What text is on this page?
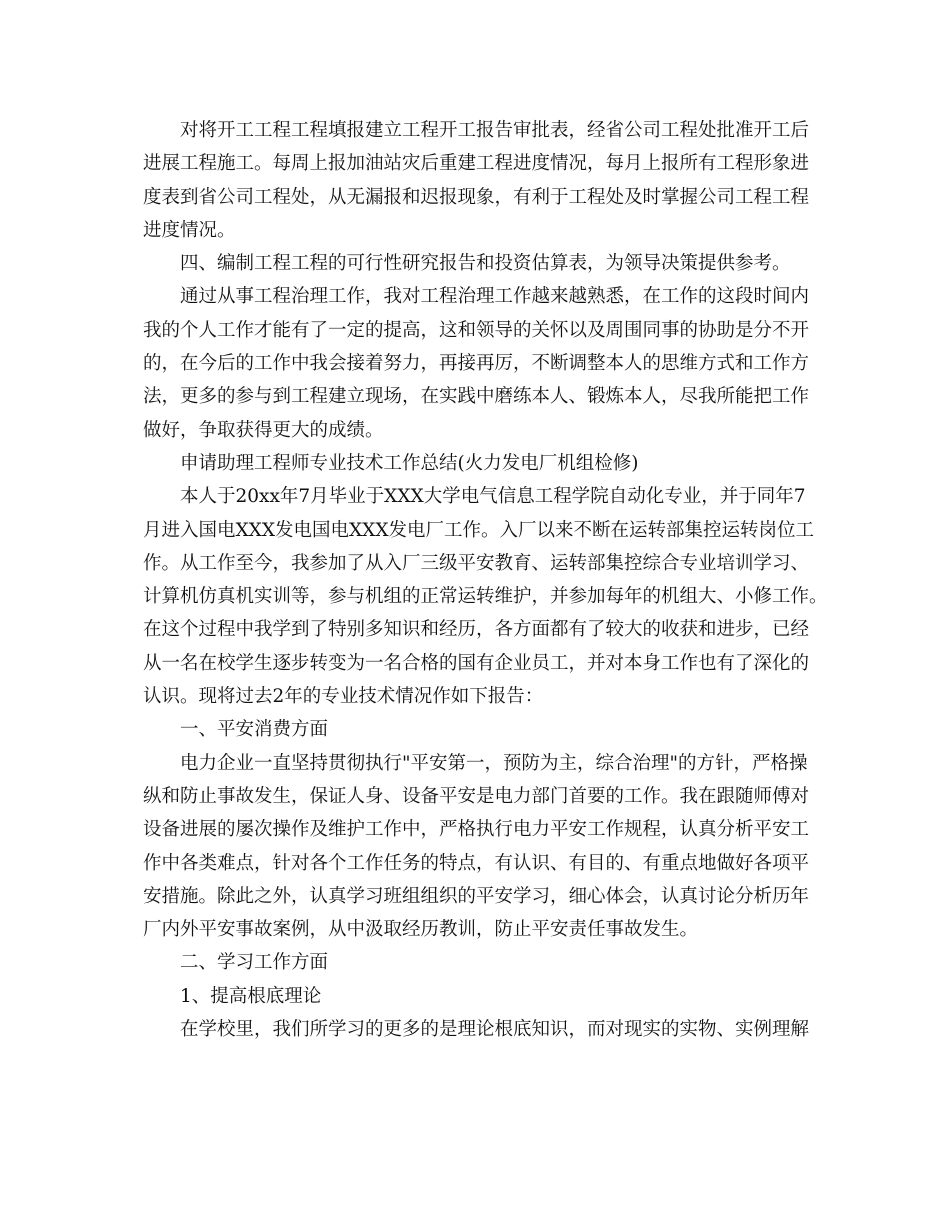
对将开工工程工程填报建立工程开工报告审批表，经省公司工程处批准开工后
进展工程施工。每周上报加油站灾后重建工程进度情况，每月上报所有工程形象进
度表到省公司工程处，从无漏报和迟报现象，有利于工程处及时掌握公司工程工程
进度情况。
四、编制工程工程的可行性研究报告和投资估算表，为领导决策提供参考。
通过从事工程治理工作，我对工程治理工作越来越熟悉，在工作的这段时间内
我的个人工作才能有了一定的提高，这和领导的关怀以及周围同事的协助是分不开
的，在今后的工作中我会接着努力，再接再厉，不断调整本人的思维方式和工作方
法，更多的参与到工程建立现场，在实践中磨练本人、锻炼本人，尽我所能把工作
做好，争取获得更大的成绩。
申请助理工程师专业技术工作总结(火力发电厂机组检修)
本人于20xx年7月毕业于XXX大学电气信息工程学院自动化专业，并于同年7
月进入国电XXX发电国电XXX发电厂工作。入厂以来不断在运转部集控运转岗位工
作。从工作至今，我参加了从入厂三级平安教育、运转部集控综合专业培训学习、
计算机仿真机实训等，参与机组的正常运转维护，并参加每年的机组大、小修工作。
在这个过程中我学到了特别多知识和经历，各方面都有了较大的收获和进步，已经
从一名在校学生逐步转变为一名合格的国有企业员工，并对本身工作也有了深化的
认识。现将过去2年的专业技术情况作如下报告：
一、平安消费方面
电力企业一直坚持贯彻执行"平安第一，预防为主，综合治理"的方针，严格操
纵和防止事故发生，保证人身、设备平安是电力部门首要的工作。我在跟随师傅对
设备进展的屡次操作及维护工作中，严格执行电力平安工作规程，认真分析平安工
作中各类难点，针对各个工作任务的特点，有认识、有目的、有重点地做好各项平
安措施。除此之外，认真学习班组组织的平安学习，细心体会，认真讨论分析历年
厂内外平安事故案例，从中汲取经历教训，防止平安责任事故发生。
二、学习工作方面
1、提高根底理论
在学校里，我们所学习的更多的是理论根底知识，而对现实的实物、实例理解
